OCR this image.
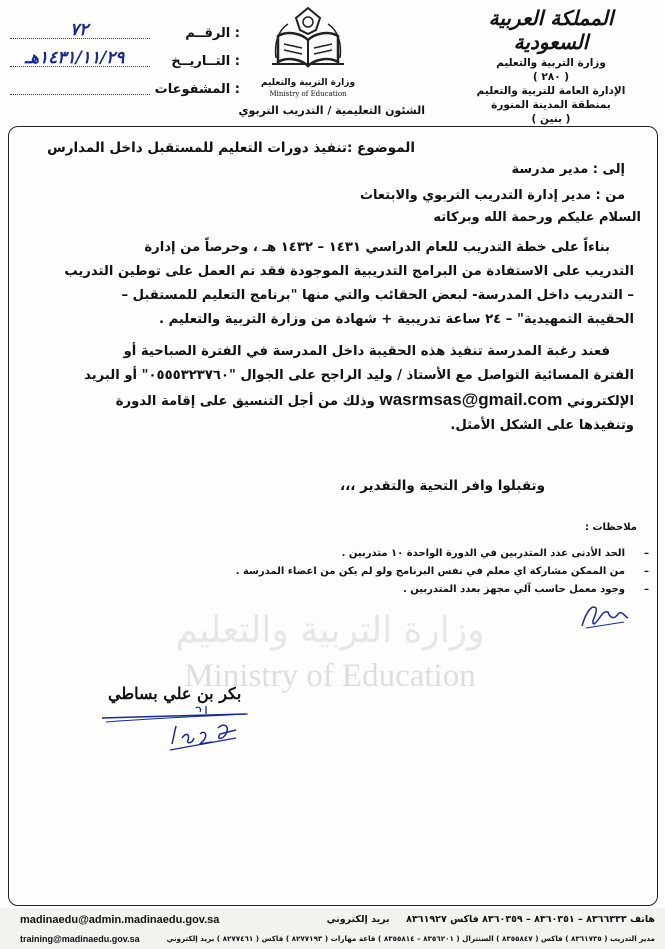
المملكة العربية السعودية
وزارة التربية والتعليم
( ٢٨٠ )
الإدارة العامة للتربية والتعليم
بمنطقة المدينة المنورة
( بنين )
وزارة التربية والتعليم
Ministry of Education
الرقــم :
٧٢
التــاريــخ :
١٤٣١/١١/٢٩هـ
المشفوعات :
الشئون التعليمية / التدريب التربوي
وزارة التربية والتعليم
Ministry of Education
الموضوع :تنفيذ دورات التعليم للمستقبل داخل المدارس
إلى : مدير مدرسة
من : مدير إدارة التدريب التربوي والابتعاث
السلام عليكم ورحمة الله وبركاته
بناءاً على خطة التدريب للعام الدراسي ١٤٣١ – ١٤٣٢ هـ ، وحرصاً من إدارة
التدريب على الاستفادة من البرامج التدريبية الموجودة فقد تم العمل على توطين التدريب
– التدريب داخل المدرسة- لبعض الحقائب والتي منها "برنامج التعليم للمستقبل –
الحقيبة التمهيدية" – ٢٤ ساعة تدريبية + شهادة من وزارة التربية والتعليم .
فعند رغبة المدرسة تنفيذ هذه الحقيبة داخل المدرسة في الفترة الصباحية أو
الفترة المسائية التواصل مع الأستاذ / وليد الراجح على الجوال "٠٥٥٥٣٢٣٧٦٠" أو البريد
الإلكتروني wasrmsas@gmail.com وذلك من أجل التنسيق على إقامة الدورة
وتنفيذها على الشكل الأمثل.
وتقبلوا وافر التحية والتقدير ،،،
ملاحظات :
–
الحد الأدنى عدد المتدربين في الدورة الواحدة ١٠ متدربين .
–
من الممكن مشاركة اي معلم في نفس البرنامج ولو لم يكن من اعضاء المدرسة .
–
وجود معمل حاسب آلي مجهز بعدد المتدربين .
بكر بن علي بساطي
madinaedu@admin.madinaedu.gov.sa	هاتف ٨٣٦٦٣٣٣ – ٨٣٦٠٣٥١ – ٨٣٦٠٣٥٩ فاكس ٨٣٦١٩٢٧     بريد إلكتروني
training@madinaedu.gov.sa	مدير التدريب ( ٨٣٦١٧٣٥ ) فاكس ( ٨٣٥٥٨٤٧ ) السنترال ( ٨٣٥٦٢٠١ – ٨٣٥٥٨١٤ ) قاعة مهارات ( ٨٢٧٧١٩٣ ) فاكس ( ٨٢٧٧٤٦١ ) بريد إلكتروني
